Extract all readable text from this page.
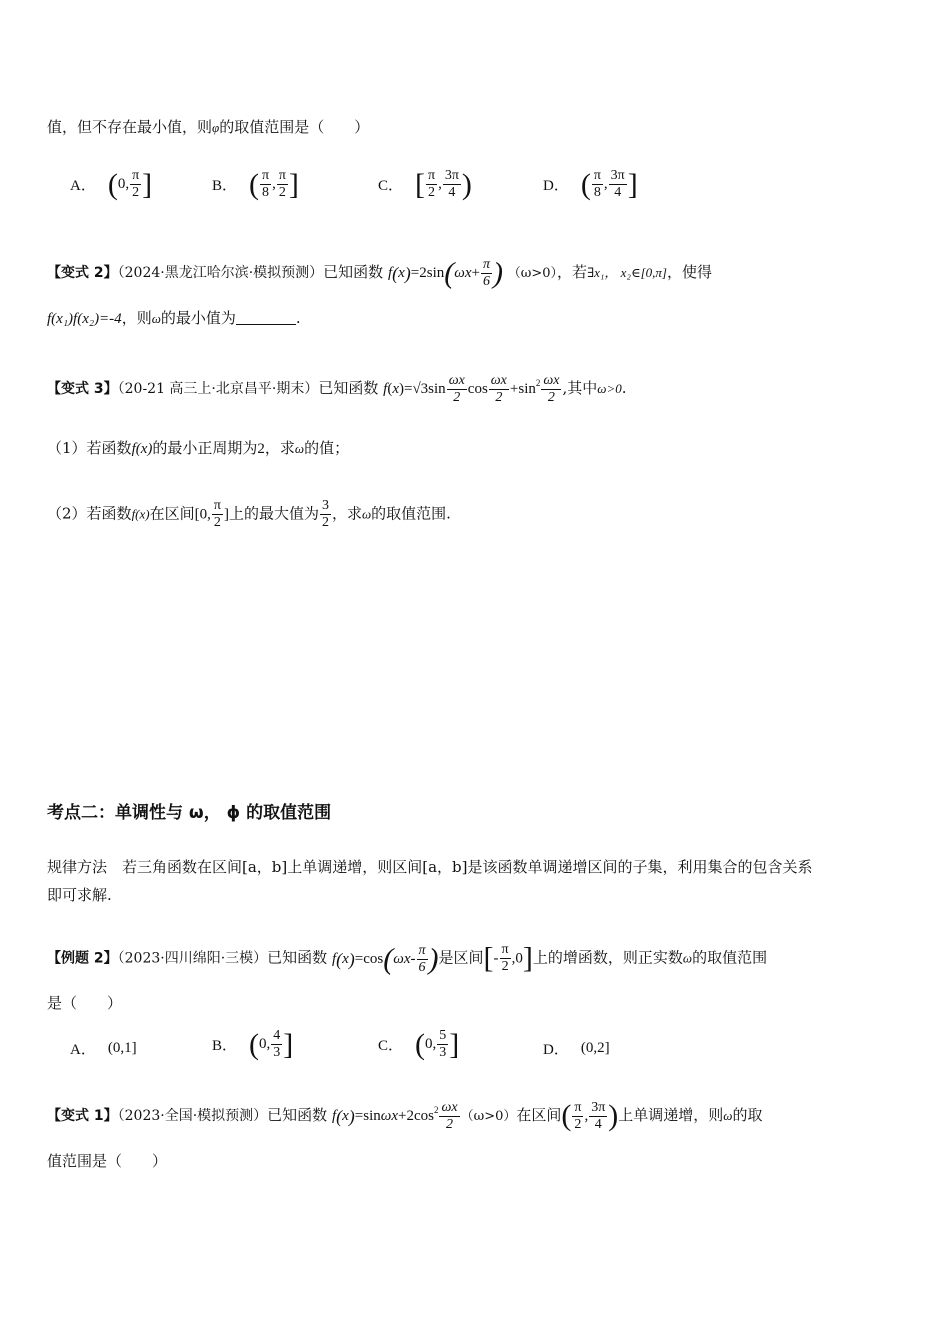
值，但不存在最小值，则φ的取值范围是（　　）
A． ( 0, $\frac{\pi}{2}$ ]	B． ( $\frac{\pi}{8}$ , $\frac{\pi}{2}$ ]	C． [ $\frac{\pi}{2}$ , $\frac{3\pi}{4}$ )	D． ( $\frac{\pi}{8}$ , $\frac{3\pi}{4}$ ]
【变式 2】（2024·黑龙江哈尔滨·模拟预测）已知函数 $f(x)=2\sin(\omega x+ \frac{\pi}{6}$ ) （ω>0），若∃x₁， x₂∈[0,π]，使得
f(x₁)f(x₂)=-4，则ω的最小值为	.
【变式 3】（20-21 高三上·北京昌平·期末）已知函数 $f(x)=√3\sin \frac{\omega x}{2}$ $\cos \frac{\omega x}{2} +\sin^2 \frac{\omega x}{2}$ ,其中ω>0.
（1）若函数f(x)的最小正周期为2，求ω的值；
（2）若函数f(x)在区间[0, $\frac{\pi}{2}$ ]上的最大值为 $\frac{3}{2}$ ，求ω的取值范围.
考点二：单调性与 ω， ϕ 的取值范围
规律方法　若三角函数在区间[a，b]上单调递增，则区间[a，b]是该函数单调递增区间的子集，利用集合的包含关系
即可求解.
【例题 2】（2023·四川绵阳·三模）已知函数 $f(x)=\cos(\omega x- \frac{\pi}{6}$ )是区间[- $\frac{\pi}{2} ,0$]上的增函数，则正实数ω的取值范围
是（　　）
A． (0,1]	B． ( 0, $\frac{4}{3}$ ]	C． ( 0, $\frac{5}{3}$ ]	D． (0,2]
【变式 1】（2023·全国·模拟预测）已知函数 $f(x)=\sin\omega x+2\cos^2 \frac{\omega x}{2} (\omega>0)$在区间( $\frac{\pi}{2}$ , $\frac{3\pi}{4}$ )上单调递增，则ω的取
值范围是（　　）
